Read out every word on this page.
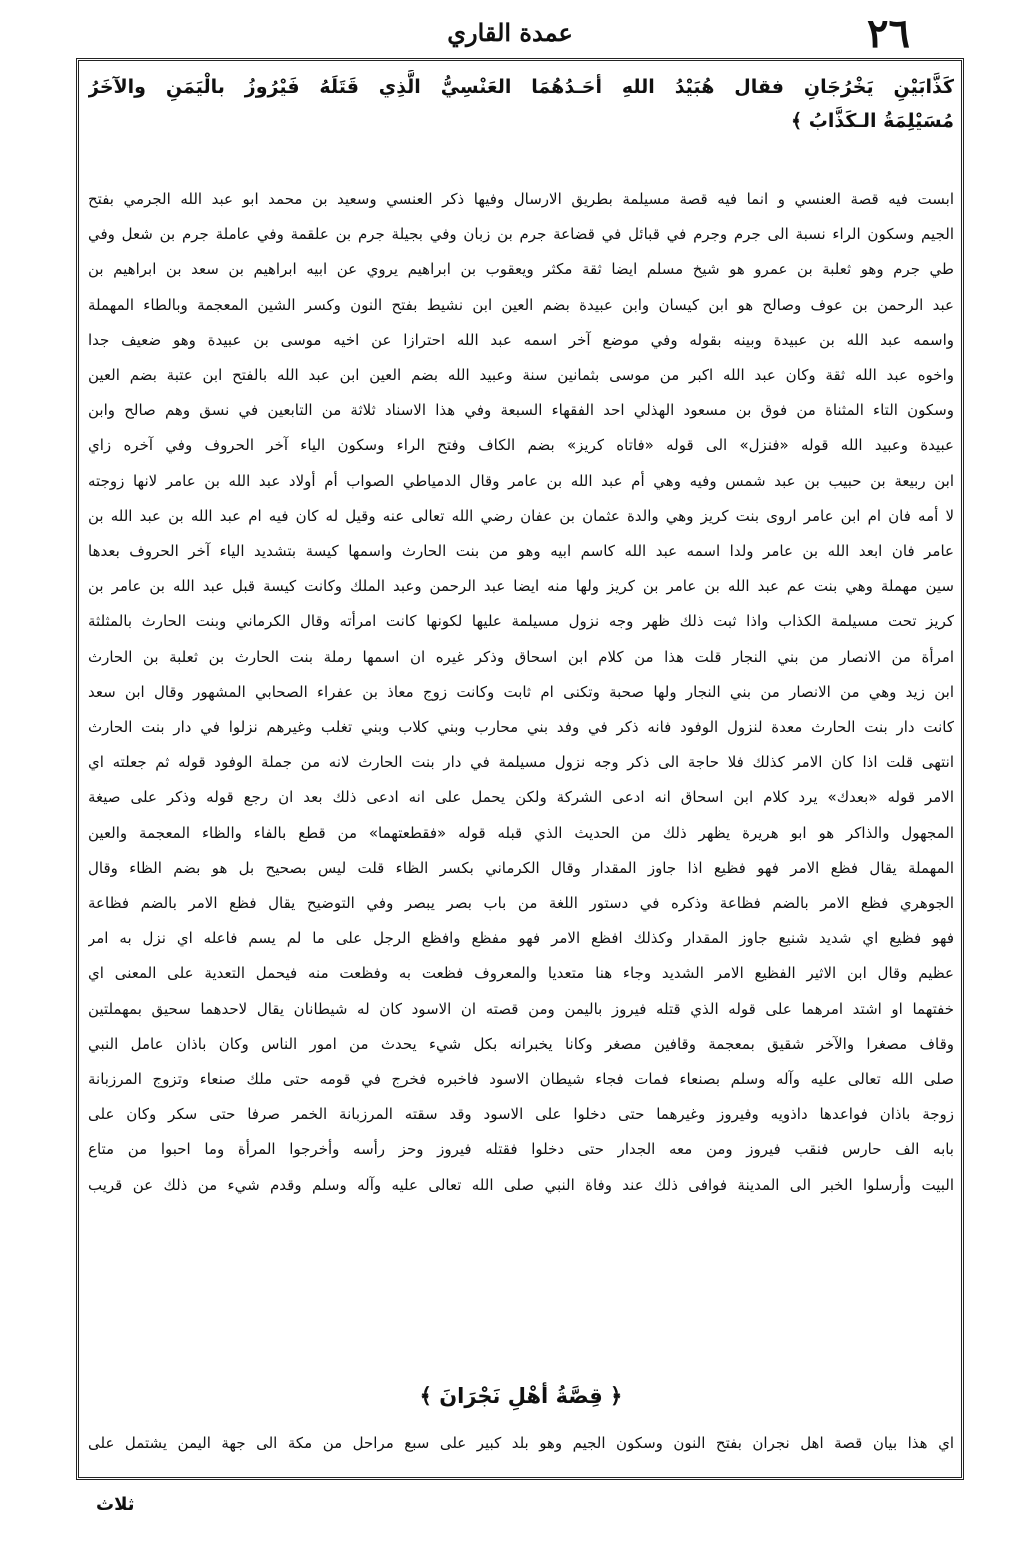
٢٦
عمدة القاري
كَذَّابَيْنِ يَخْرُجَانِ فقال هُبَيْدُ اللهِ أحَـدُهُمَا العَنْسِيُّ الَّذِي قَتَلَهُ فَيْرُوزُ بالْيَمَنِ والآخَرُ
مُسَيْلِمَةُ الـكَذَّابُ ﴾
ابست فيه قصة العنسي و انما فيه قصة مسيلمة بطريق الارسال وفيها ذكر العنسي وسعيد بن محمد ابو عبد الله الجرمي بفتح
الجيم وسكون الراء نسبة الى جرم وجرم في قبائل في قضاعة جرم بن زبان وفي بجيلة جرم بن علقمة وفي عاملة جرم بن شعل وفي
طي جرم وهو ثعلبة بن عمرو هو شيخ مسلم ايضا ثقة مكثر ويعقوب بن ابراهيم يروي عن ابيه ابراهيم بن سعد بن ابراهيم بن
عبد الرحمن بن عوف وصالح هو ابن كيسان وابن عبيدة بضم العين ابن نشيط بفتح النون وكسر الشين المعجمة وبالطاء المهملة
واسمه عبد الله بن عبيدة وبينه بقوله وفي موضع آخر اسمه عبد الله احترازا عن اخيه موسى بن عبيدة وهو ضعيف جدا
واخوه عبد الله ثقة وكان عبد الله اكبر من موسى بثمانين سنة وعبيد الله بضم العين ابن عبد الله بالفتح ابن عتبة بضم العين
وسكون التاء المثناة من فوق بن مسعود الهذلي احد الفقهاء السبعة وفي هذا الاسناد ثلاثة من التابعين في نسق وهم صالح وابن
عبيدة وعبيد الله قوله «فنزل» الى قوله «فاتاه كريز» بضم الكاف وفتح الراء وسكون الياء آخر الحروف وفي آخره زاي
ابن ربيعة بن حبيب بن عبد شمس وفيه وهي أم عبد الله بن عامر وقال الدمياطي الصواب أم أولاد عبد الله بن عامر لانها زوجته
لا أمه فان ام ابن عامر اروى بنت كريز وهي والدة عثمان بن عفان رضي الله تعالى عنه وقيل له كان فيه ام عبد الله بن عبد الله بن
عامر فان ابعد الله بن عامر ولدا اسمه عبد الله كاسم ابيه وهو من بنت الحارث واسمها كيسة بتشديد الياء آخر الحروف بعدها
سين مهملة وهي بنت عم عبد الله بن عامر بن كريز ولها منه ايضا عبد الرحمن وعبد الملك وكانت كيسة قبل عبد الله بن عامر بن
كريز تحت مسيلمة الكذاب واذا ثبت ذلك ظهر وجه نزول مسيلمة عليها لكونها كانت امرأته وقال الكرماني وبنت الحارث بالمثلثة
امرأة من الانصار من بني النجار قلت هذا من كلام ابن اسحاق وذكر غيره ان اسمها رملة بنت الحارث بن ثعلبة بن الحارث
ابن زيد وهي من الانصار من بني النجار ولها صحبة وتكنى ام ثابت وكانت زوج معاذ بن عفراء الصحابي المشهور وقال ابن سعد
كانت دار بنت الحارث معدة لنزول الوفود فانه ذكر في وفد بني محارب وبني كلاب وبني تغلب وغيرهم نزلوا في دار بنت الحارث
انتهى قلت اذا كان الامر كذلك فلا حاجة الى ذكر وجه نزول مسيلمة في دار بنت الحارث لانه من جملة الوفود قوله ثم جعلته اي
الامر قوله «بعدك» يرد كلام ابن اسحاق انه ادعى الشركة ولكن يحمل على انه ادعى ذلك بعد ان رجع قوله وذكر على صيغة
المجهول والذاكر هو ابو هريرة يظهر ذلك من الحديث الذي قبله قوله «فقطعتهما» من قطع بالفاء والظاء المعجمة والعين
المهملة يقال فظع الامر فهو فظيع اذا جاوز المقدار وقال الكرماني بكسر الظاء قلت ليس بصحيح بل هو بضم الظاء وقال
الجوهري فظع الامر بالضم فظاعة وذكره في دستور اللغة من باب بصر يبصر وفي التوضيح يقال فظع الامر بالضم فظاعة
فهو فظيع اي شديد شنيع جاوز المقدار وكذلك افظع الامر فهو مفظع وافظع الرجل على ما لم يسم فاعله اي نزل به امر
عظيم وقال ابن الاثير الفظيع الامر الشديد وجاء هنا متعديا والمعروف فظعت به وفظعت منه فيحمل التعدية على المعنى اي
خفتهما او اشتد امرهما على قوله الذي قتله فيروز باليمن ومن قصته ان الاسود كان له شيطانان يقال لاحدهما سحيق بمهملتين
وقاف مصغرا والآخر شقيق بمعجمة وقافين مصغر وكانا يخبرانه بكل شيء يحدث من امور الناس وكان باذان عامل النبي
صلى الله تعالى عليه وآله وسلم بصنعاء فمات فجاء شيطان الاسود فاخبره فخرج في قومه حتى ملك صنعاء وتزوج المرزبانة
زوجة باذان فواعدها داذويه وفيروز وغيرهما حتى دخلوا على الاسود وقد سقته المرزبانة الخمر صرفا حتى سكر وكان على
بابه الف حارس فنقب فيروز ومن معه الجدار حتى دخلوا فقتله فيروز وحز رأسه وأخرجوا المرأة وما احبوا من متاع
البيت وأرسلوا الخبر الى المدينة فوافى ذلك عند وفاة النبي صلى الله تعالى عليه وآله وسلم وقدم شيء من ذلك عن قريب
﴿ قِصَّةُ أهْلِ نَجْرَانَ ﴾
اي هذا بيان قصة اهل نجران بفتح النون وسكون الجيم وهو بلد كبير على سبع مراحل من مكة الى جهة اليمن يشتمل على
ثلاث
